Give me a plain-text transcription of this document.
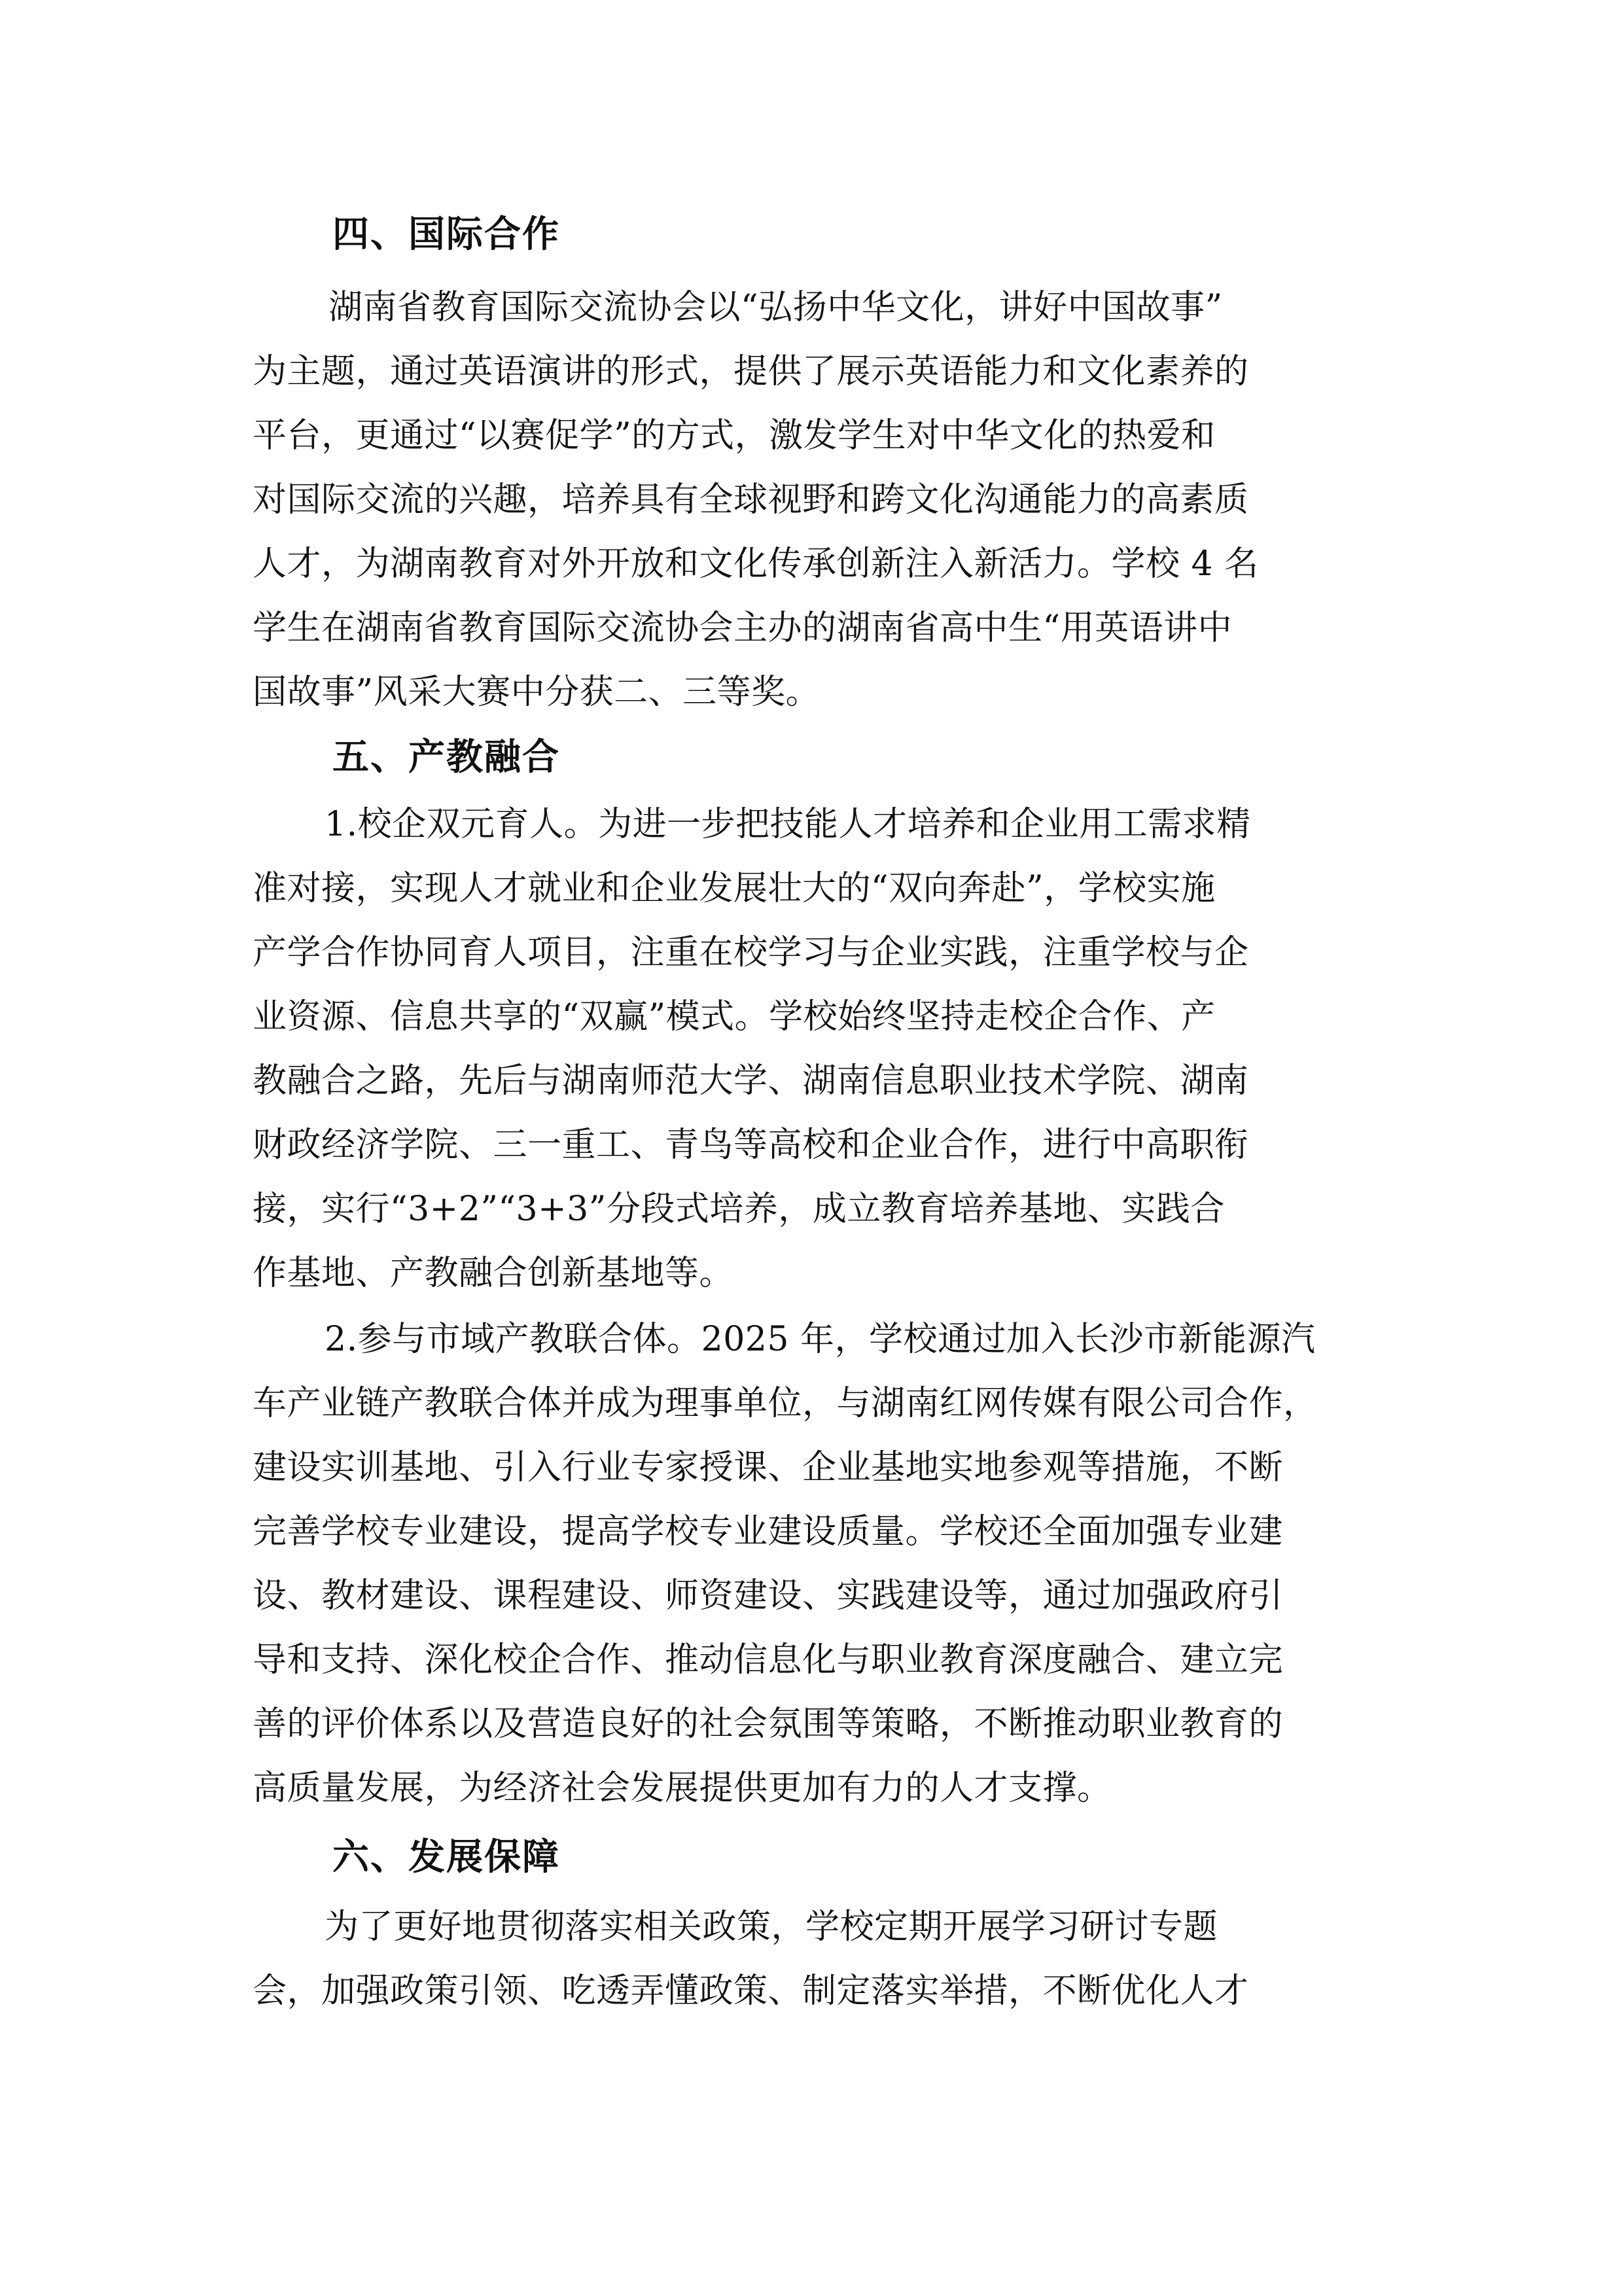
四、国际合作

湖南省教育国际交流协会以“弘扬中华文化，讲好中国故事”

为主题，通过英语演讲的形式，提供了展示英语能力和文化素养的

平台，更通过“以赛促学”的方式，激发学生对中华文化的热爱和

对国际交流的兴趣，培养具有全球视野和跨文化沟通能力的高素质

人才，为湖南教育对外开放和文化传承创新注入新活力。学校 4 名

学生在湖南省教育国际交流协会主办的湖南省高中生“用英语讲中

国故事”风采大赛中分获二、三等奖。

五、产教融合

1.校企双元育人。为进一步把技能人才培养和企业用工需求精

准对接，实现人才就业和企业发展壮大的“双向奔赴”，学校实施

产学合作协同育人项目，注重在校学习与企业实践，注重学校与企

业资源、信息共享的“双赢”模式。学校始终坚持走校企合作、产

教融合之路，先后与湖南师范大学、湖南信息职业技术学院、湖南

财政经济学院、三一重工、青鸟等高校和企业合作，进行中高职衔

接，实行“3+2”“3+3”分段式培养，成立教育培养基地、实践合

作基地、产教融合创新基地等。

2.参与市域产教联合体。2025 年，学校通过加入长沙市新能源汽

车产业链产教联合体并成为理事单位，与湖南红网传媒有限公司合作，

建设实训基地、引入行业专家授课、企业基地实地参观等措施，不断

完善学校专业建设，提高学校专业建设质量。学校还全面加强专业建

设、教材建设、课程建设、师资建设、实践建设等，通过加强政府引

导和支持、深化校企合作、推动信息化与职业教育深度融合、建立完

善的评价体系以及营造良好的社会氛围等策略，不断推动职业教育的

高质量发展，为经济社会发展提供更加有力的人才支撑。

六、发展保障

为了更好地贯彻落实相关政策，学校定期开展学习研讨专题

会，加强政策引领、吃透弄懂政策、制定落实举措，不断优化人才
